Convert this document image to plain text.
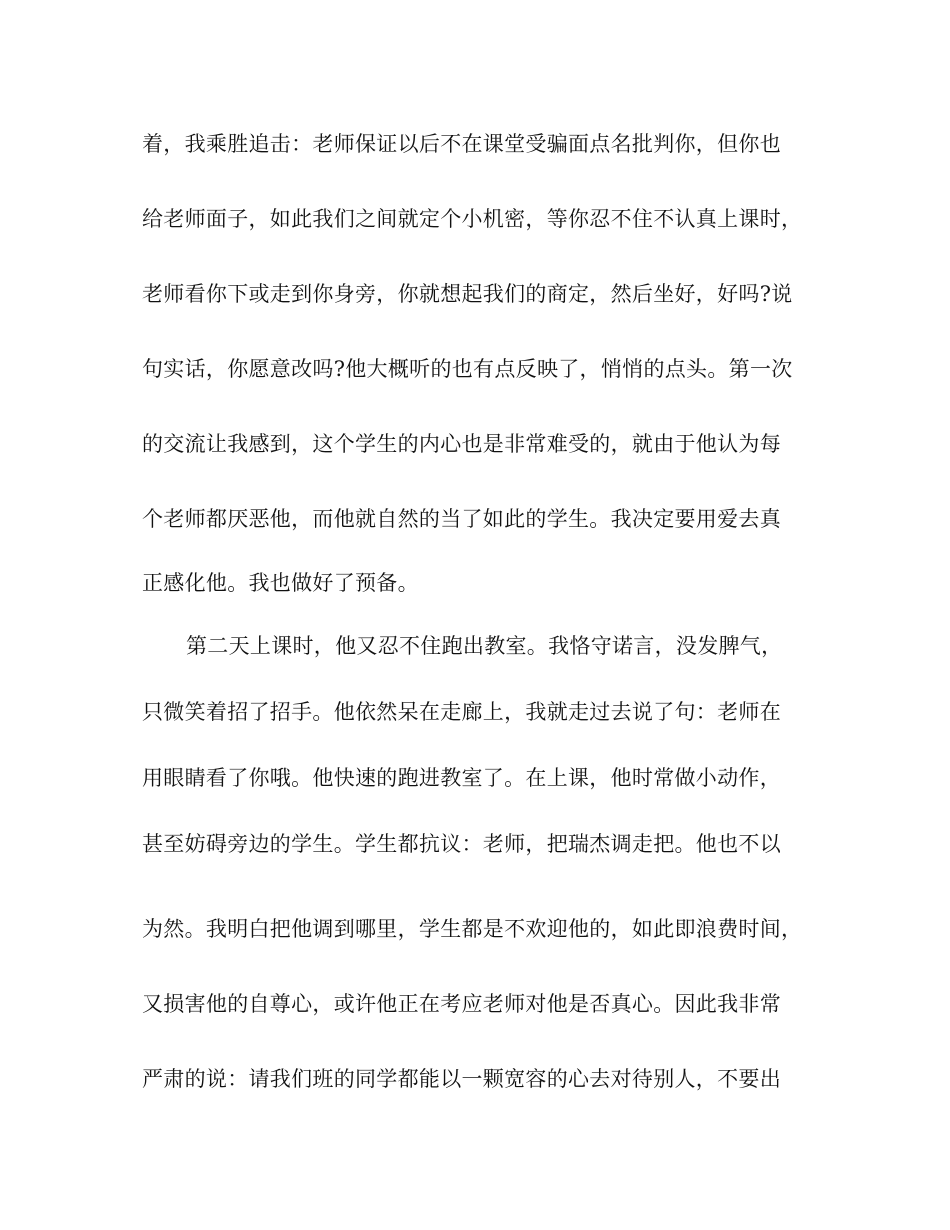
着，我乘胜追击：老师保证以后不在课堂受骗面点名批判你，但你也
给老师面子，如此我们之间就定个小机密，等你忍不住不认真上课时，
老师看你下或走到你身旁，你就想起我们的商定，然后坐好，好吗?说
句实话，你愿意改吗?他大概听的也有点反映了，悄悄的点头。第一次
的交流让我感到，这个学生的内心也是非常难受的，就由于他认为每
个老师都厌恶他，而他就自然的当了如此的学生。我决定要用爱去真
正感化他。我也做好了预备。
第二天上课时，他又忍不住跑出教室。我恪守诺言，没发脾气，
只微笑着招了招手。他依然呆在走廊上，我就走过去说了句：老师在
用眼睛看了你哦。他快速的跑进教室了。在上课，他时常做小动作，
甚至妨碍旁边的学生。学生都抗议：老师，把瑞杰调走把。他也不以
为然。我明白把他调到哪里，学生都是不欢迎他的，如此即浪费时间，
又损害他的自尊心，或许他正在考应老师对他是否真心。因此我非常
严肃的说：请我们班的同学都能以一颗宽容的心去对待别人，不要出
